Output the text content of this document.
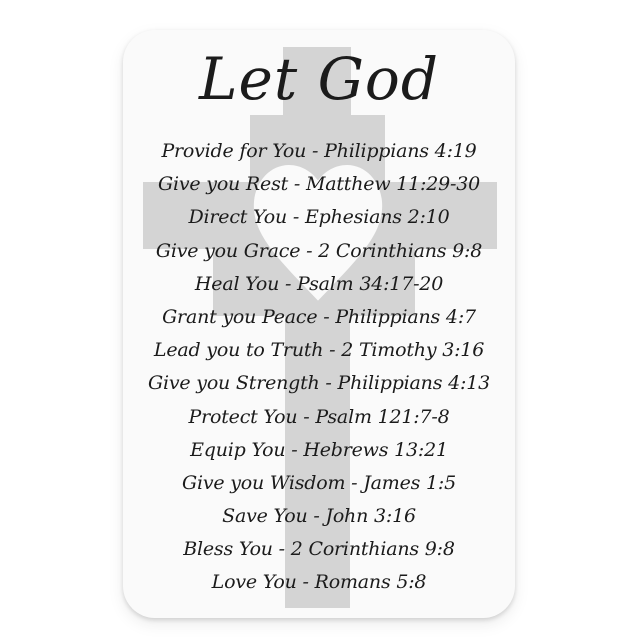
Let God
Provide for You - Philippians 4:19
Give you Rest - Matthew 11:29-30
Direct You - Ephesians 2:10
Give you Grace - 2 Corinthians 9:8
Heal You - Psalm 34:17-20
Grant you Peace - Philippians 4:7
Lead you to Truth - 2 Timothy 3:16
Give you Strength - Philippians 4:13
Protect You - Psalm 121:7-8
Equip You - Hebrews 13:21
Give you Wisdom - James 1:5
Save You - John 3:16
Bless You - 2 Corinthians 9:8
Love You - Romans 5:8
